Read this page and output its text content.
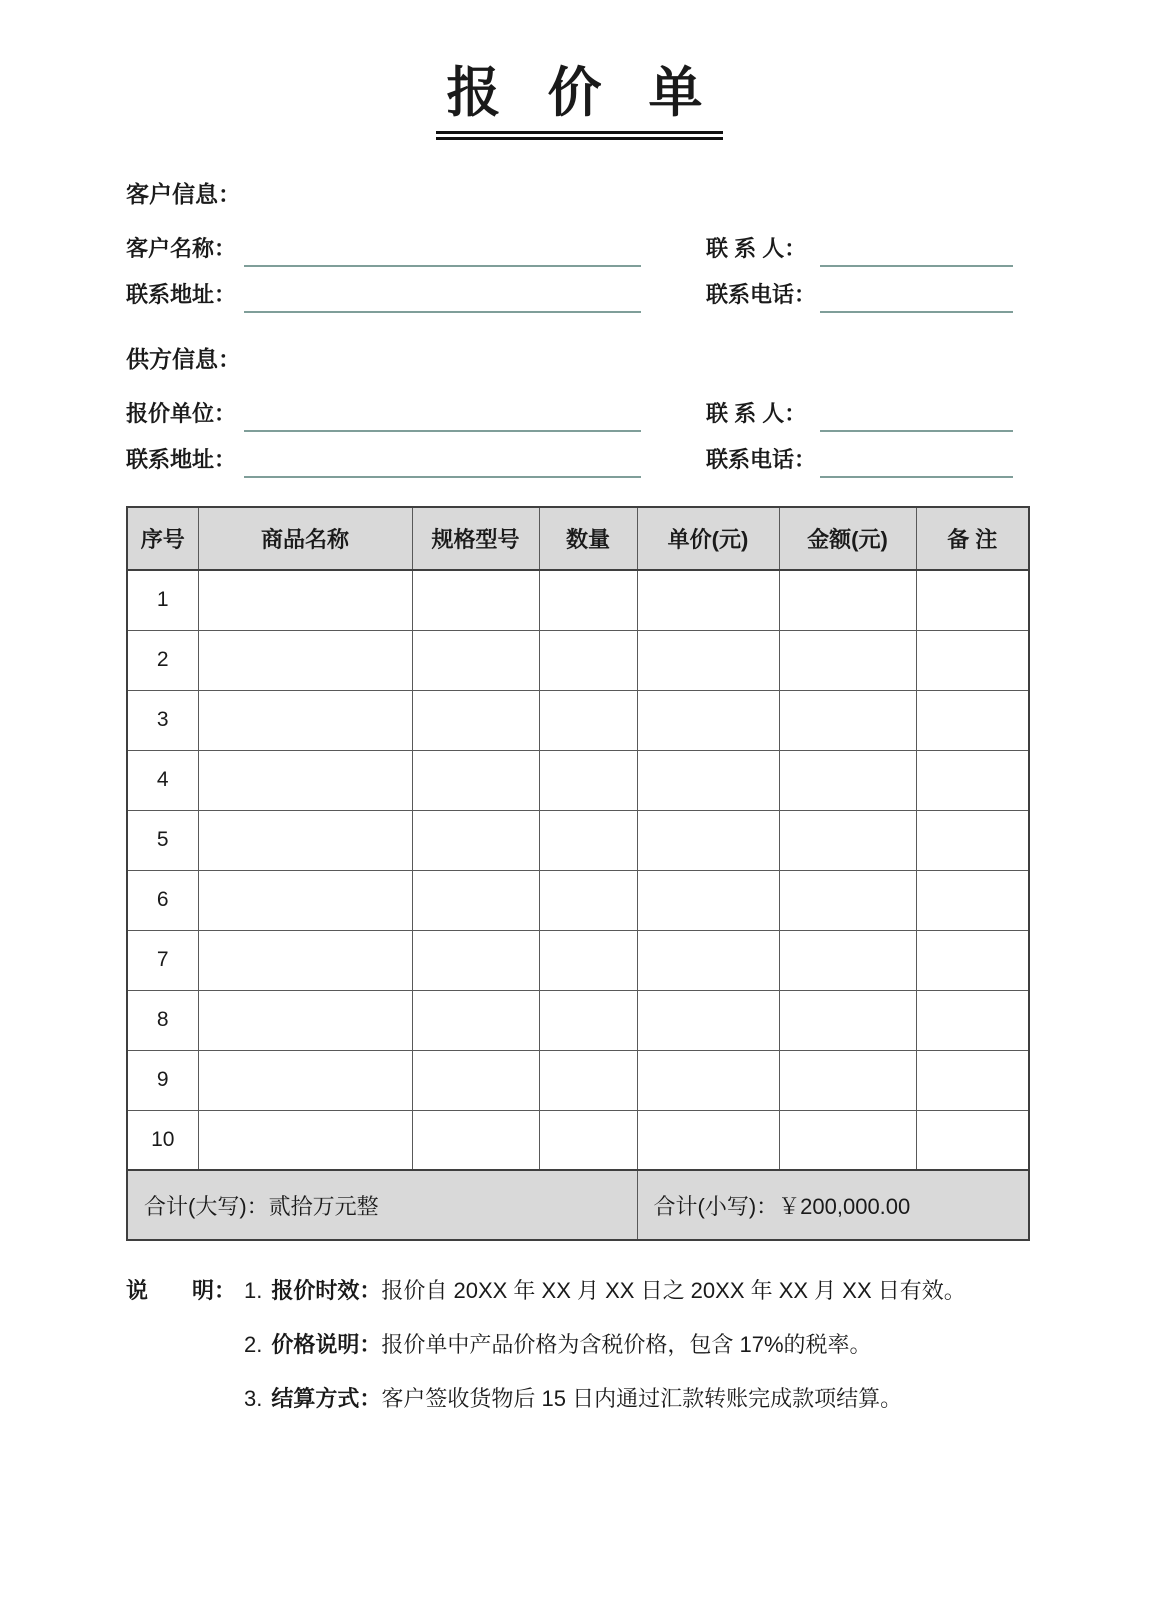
报 价 单
客户信息：
客户名称：	联 系 人：
联系地址：	联系电话：
供方信息：
报价单位：	联 系 人：
联系地址：	联系电话：
序号	商品名称	规格型号	数量	单价(元)	金额(元)	备 注
1						
2						
3						
4						
5						
6						
7						
8						
9						
10						
合计(大写)：贰拾万元整				合计(小写)：￥200,000.00		
说　　明： 1. 报价时效：报价自 20XX 年 XX 月 XX 日之 20XX 年 XX 月 XX 日有效。
2. 价格说明：报价单中产品价格为含税价格，包含 17%的税率。
3. 结算方式：客户签收货物后 15 日内通过汇款转账完成款项结算。
